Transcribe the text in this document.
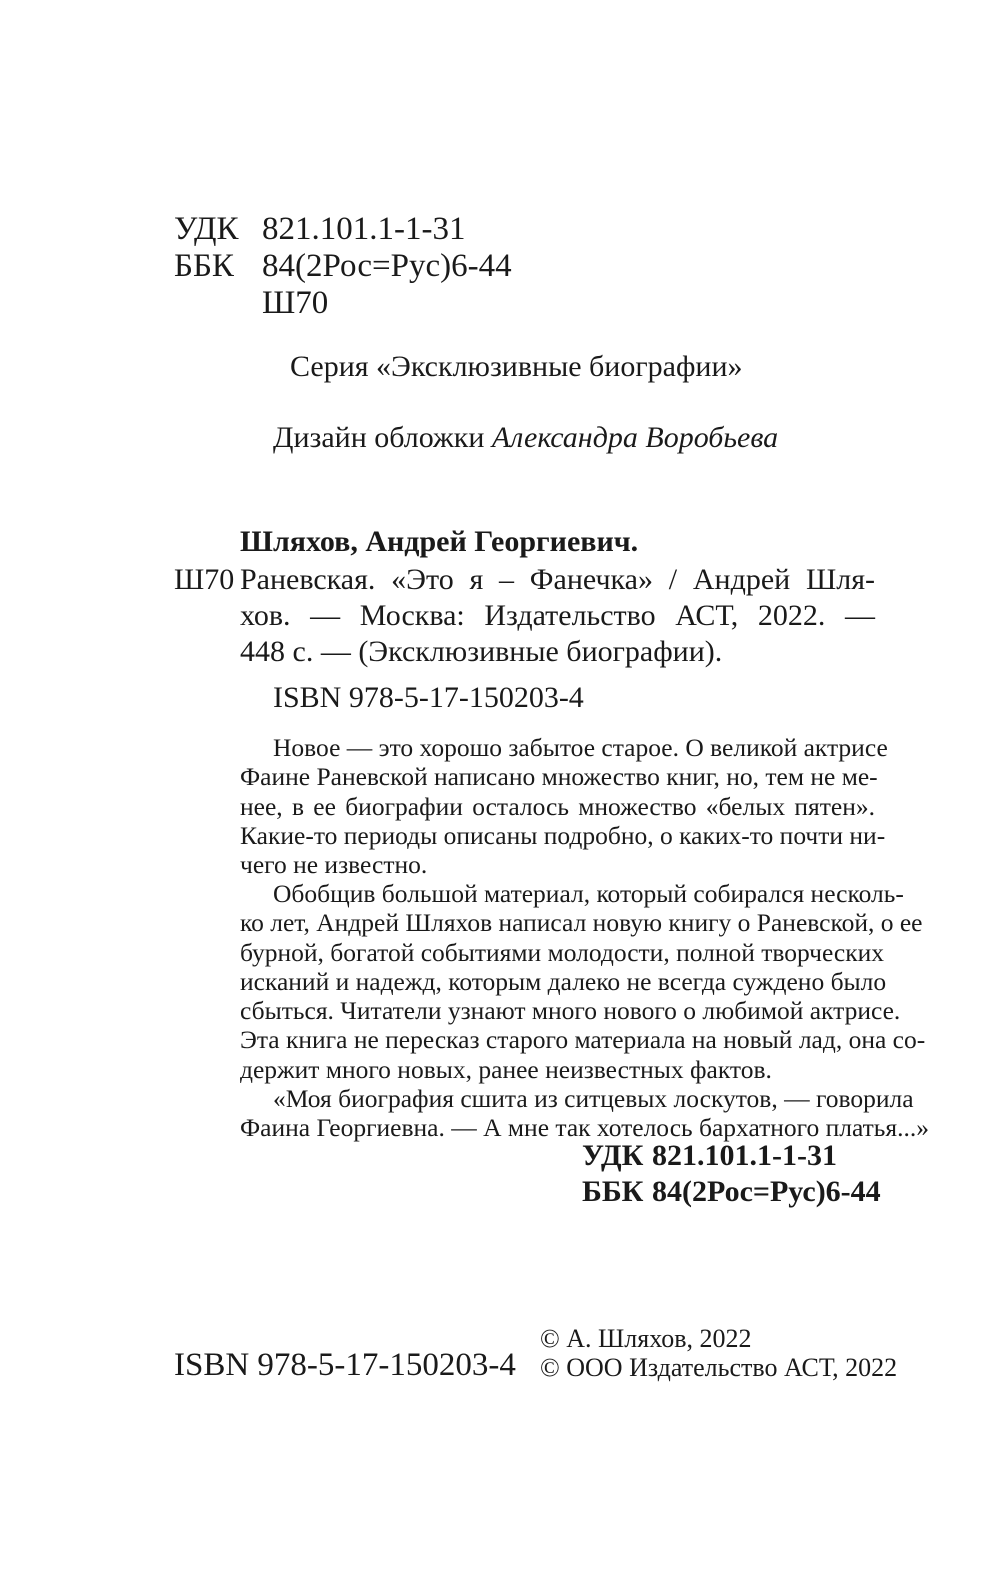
УДК 821.101.1-1-31
ББК 84(2Рос=Рус)6-44
Ш70
Серия «Эксклюзивные биографии»
Дизайн обложки Александра Воробьева
Шляхов, Андрей Георгиевич.
Ш70 Раневская. «Это я – Фанечка» / Андрей Шля-
хов. — Москва: Издательство АСТ, 2022. —
448 с. — (Эксклюзивные биографии).
ISBN 978-5-17-150203-4
Новое — это хорошо забытое старое. О великой актрисе
Фаине Раневской написано множество книг, но, тем не ме-
нее, в ее биографии осталось множество «белых пятен».
Какие-то периоды описаны подробно, о каких-то почти ни-
чего не известно.
Обобщив большой материал, который собирался несколь-
ко лет, Андрей Шляхов написал новую книгу о Раневской, о ее
бурной, богатой событиями молодости, полной творческих
исканий и надежд, которым далеко не всегда суждено было
сбыться. Читатели узнают много нового о любимой актрисе.
Эта книга не пересказ старого материала на новый лад, она со-
держит много новых, ранее неизвестных фактов.
«Моя биография сшита из ситцевых лоскутов, — говорила
Фаина Георгиевна. — А мне так хотелось бархатного платья...»
УДК 821.101.1-1-31
ББК 84(2Рос=Рус)6-44
ISBN 978-5-17-150203-4
© А. Шляхов, 2022
© ООО Издательство АСТ, 2022
